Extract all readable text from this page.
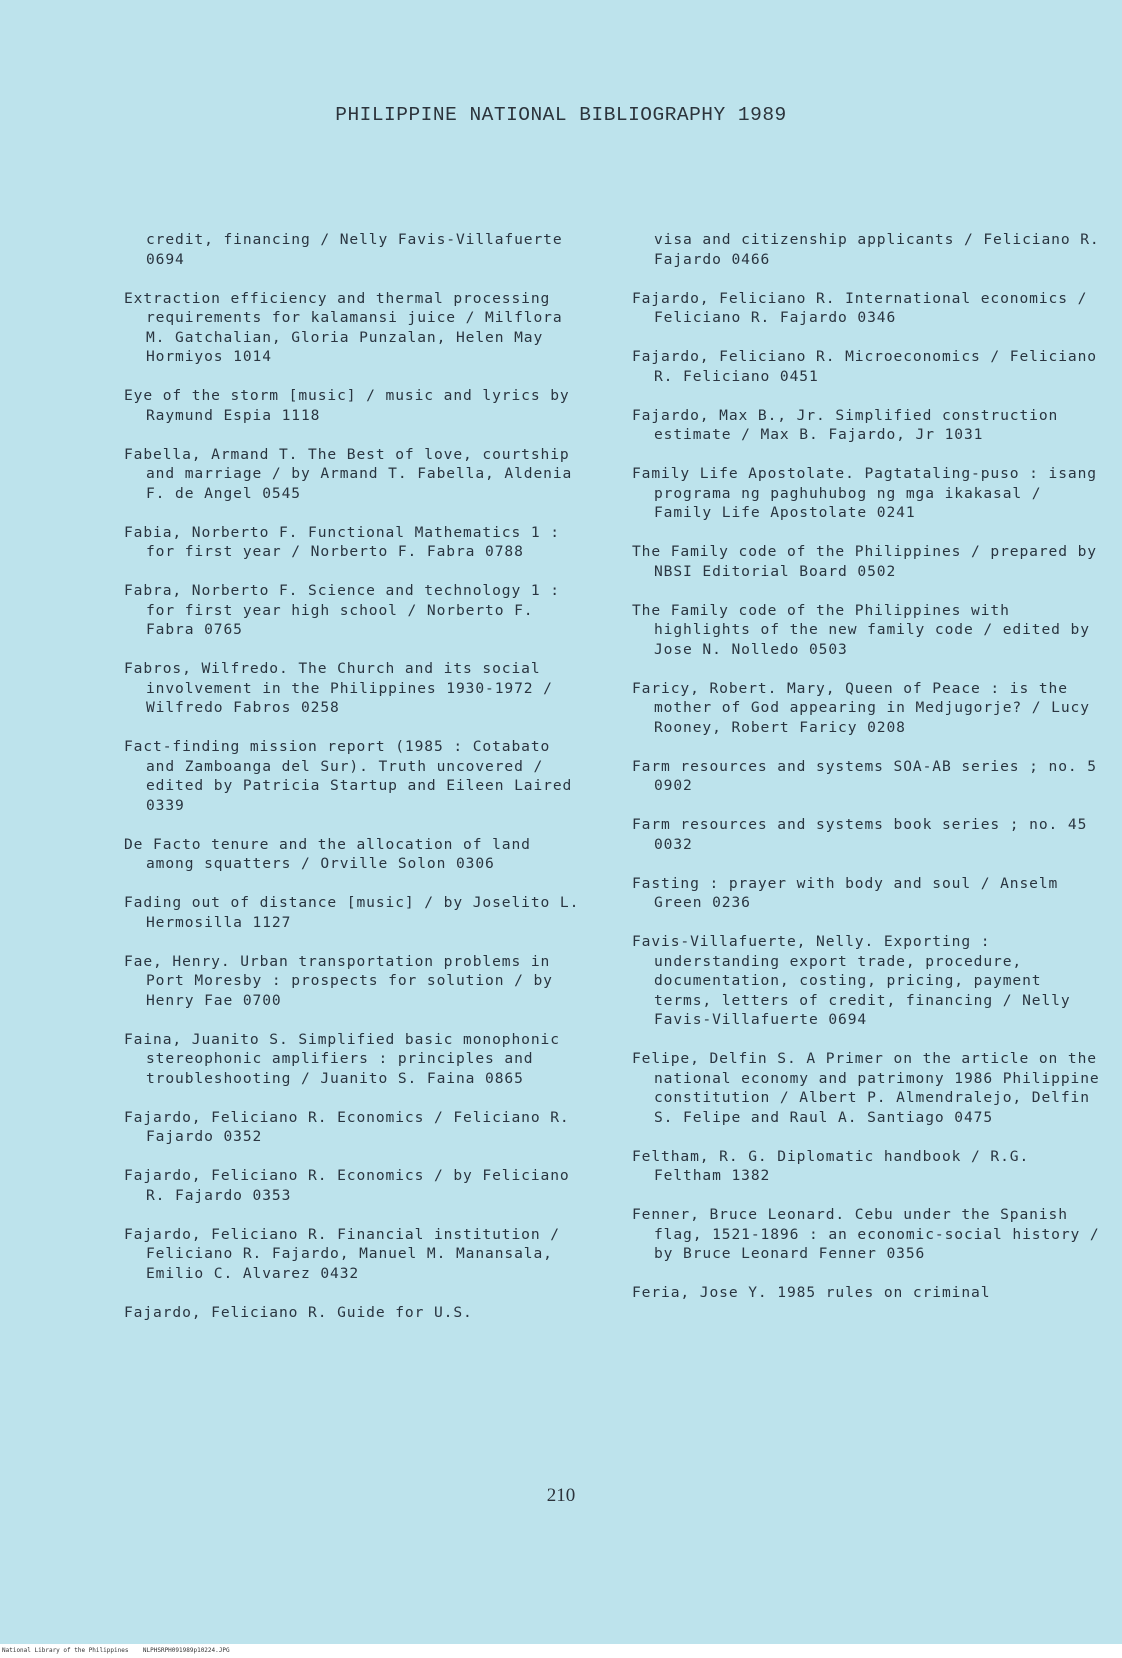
PHILIPPINE NATIONAL BIBLIOGRAPHY 1989
credit, financing / Nelly Favis-Villafuerte 0694
Extraction efficiency and thermal processing requirements for kalamansi juice / Milflora M. Gatchalian, Gloria Punzalan, Helen May Hormiyos 1014
Eye of the storm [music] / music and lyrics by Raymund Espia 1118
Fabella, Armand T. The Best of love, courtship and marriage / by Armand T. Fabella, Aldenia F. de Angel 0545
Fabia, Norberto F. Functional Mathematics 1 : for first year / Norberto F. Fabra 0788
Fabra, Norberto F. Science and technology 1 : for first year high school / Norberto F. Fabra 0765
Fabros, Wilfredo. The Church and its social involvement in the Philippines 1930-1972 / Wilfredo Fabros 0258
Fact-finding mission report (1985 : Cotabato and Zamboanga del Sur). Truth uncovered / edited by Patricia Startup and Eileen Laired 0339
De Facto tenure and the allocation of land among squatters / Orville Solon 0306
Fading out of distance [music] / by Joselito L. Hermosilla 1127
Fae, Henry. Urban transportation problems in Port Moresby : prospects for solution / by Henry Fae 0700
Faina, Juanito S. Simplified basic monophonic stereophonic amplifiers : principles and troubleshooting / Juanito S. Faina 0865
Fajardo, Feliciano R. Economics / Feliciano R. Fajardo 0352
Fajardo, Feliciano R. Economics / by Feliciano R. Fajardo 0353
Fajardo, Feliciano R. Financial institution / Feliciano R. Fajardo, Manuel M. Manansala, Emilio C. Alvarez 0432
Fajardo, Feliciano R. Guide for U.S.
visa and citizenship applicants / Feliciano R. Fajardo 0466
Fajardo, Feliciano R. International economics / Feliciano R. Fajardo 0346
Fajardo, Feliciano R. Microeconomics / Feliciano R. Feliciano 0451
Fajardo, Max B., Jr. Simplified construction estimate / Max B. Fajardo, Jr 1031
Family Life Apostolate. Pagtataling-puso : isang programa ng paghuhubog ng mga ikakasal / Family Life Apostolate 0241
The Family code of the Philippines / prepared by NBSI Editorial Board 0502
The Family code of the Philippines with highlights of the new family code / edited by Jose N. Nolledo 0503
Faricy, Robert. Mary, Queen of Peace : is the mother of God appearing in Medjugorje? / Lucy Rooney, Robert Faricy 0208
Farm resources and systems SOA-AB series ; no. 5 0902
Farm resources and systems book series ; no. 45 0032
Fasting : prayer with body and soul / Anselm Green 0236
Favis-Villafuerte, Nelly. Exporting : understanding export trade, procedure, documentation, costing, pricing, payment terms, letters of credit, financing / Nelly Favis-Villafuerte 0694
Felipe, Delfin S. A Primer on the article on the national economy and patrimony 1986 Philippine constitution / Albert P. Almendralejo, Delfin S. Felipe and Raul A. Santiago 0475
Feltham, R. G. Diplomatic handbook / R.G. Feltham 1382
Fenner, Bruce Leonard. Cebu under the Spanish flag, 1521-1896 : an economic-social history / by Bruce Leonard Fenner 0356
Feria, Jose Y. 1985 rules on criminal
210
National Library of the Philippines NLPHSRPH091989p10224.JPG
